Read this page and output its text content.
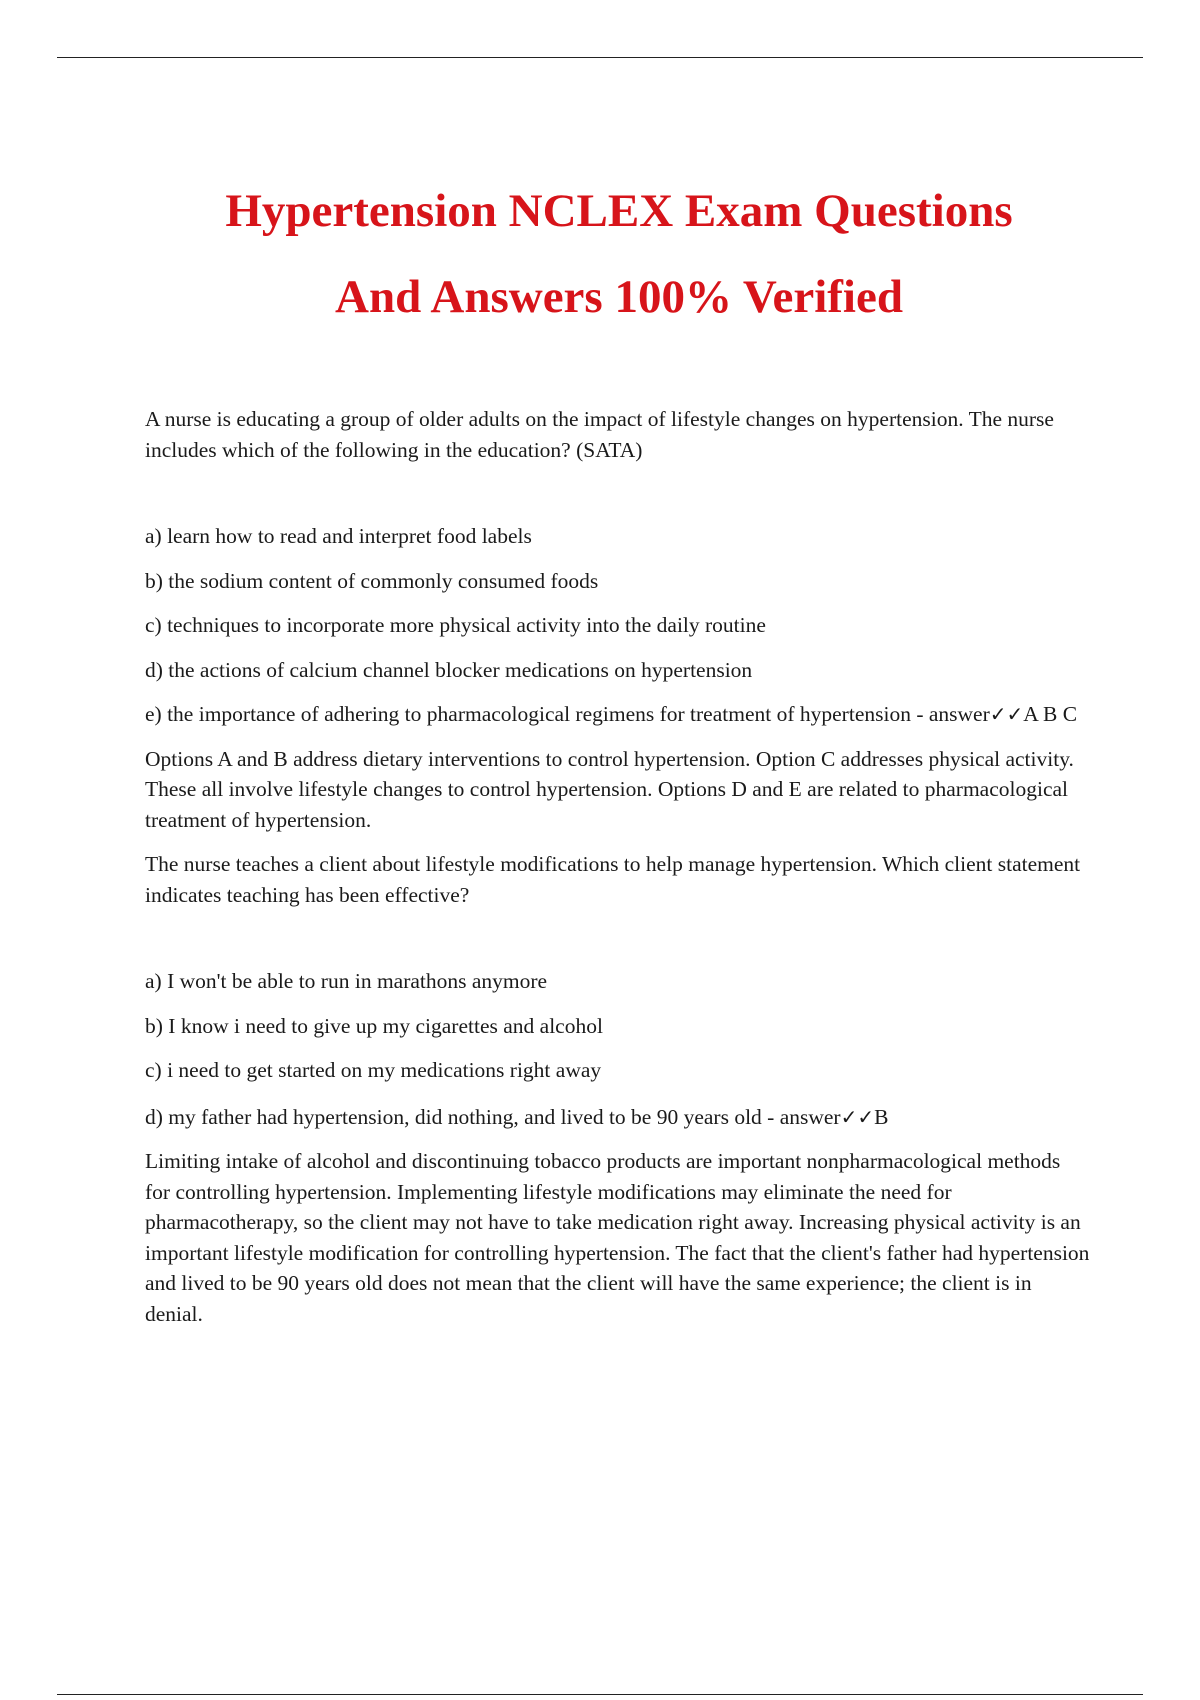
Hypertension NCLEX Exam Questions
And Answers 100% Verified

A nurse is educating a group of older adults on the impact of lifestyle changes on hypertension. The nurse includes which of the following in the education? (SATA)

a) learn how to read and interpret food labels

b) the sodium content of commonly consumed foods

c) techniques to incorporate more physical activity into the daily routine

d) the actions of calcium channel blocker medications on hypertension

e) the importance of adhering to pharmacological regimens for treatment of hypertension - answer✓✓A B C

Options A and B address dietary interventions to control hypertension. Option C addresses physical activity. These all involve lifestyle changes to control hypertension. Options D and E are related to pharmacological treatment of hypertension.

The nurse teaches a client about lifestyle modifications to help manage hypertension. Which client statement indicates teaching has been effective?

a) I won't be able to run in marathons anymore

b) I know i need to give up my cigarettes and alcohol

c) i need to get started on my medications right away

d) my father had hypertension, did nothing, and lived to be 90 years old - answer✓✓B

Limiting intake of alcohol and discontinuing tobacco products are important nonpharmacological methods for controlling hypertension. Implementing lifestyle modifications may eliminate the need for pharmacotherapy, so the client may not have to take medication right away. Increasing physical activity is an important lifestyle modification for controlling hypertension. The fact that the client's father had hypertension and lived to be 90 years old does not mean that the client will have the same experience; the client is in denial.
